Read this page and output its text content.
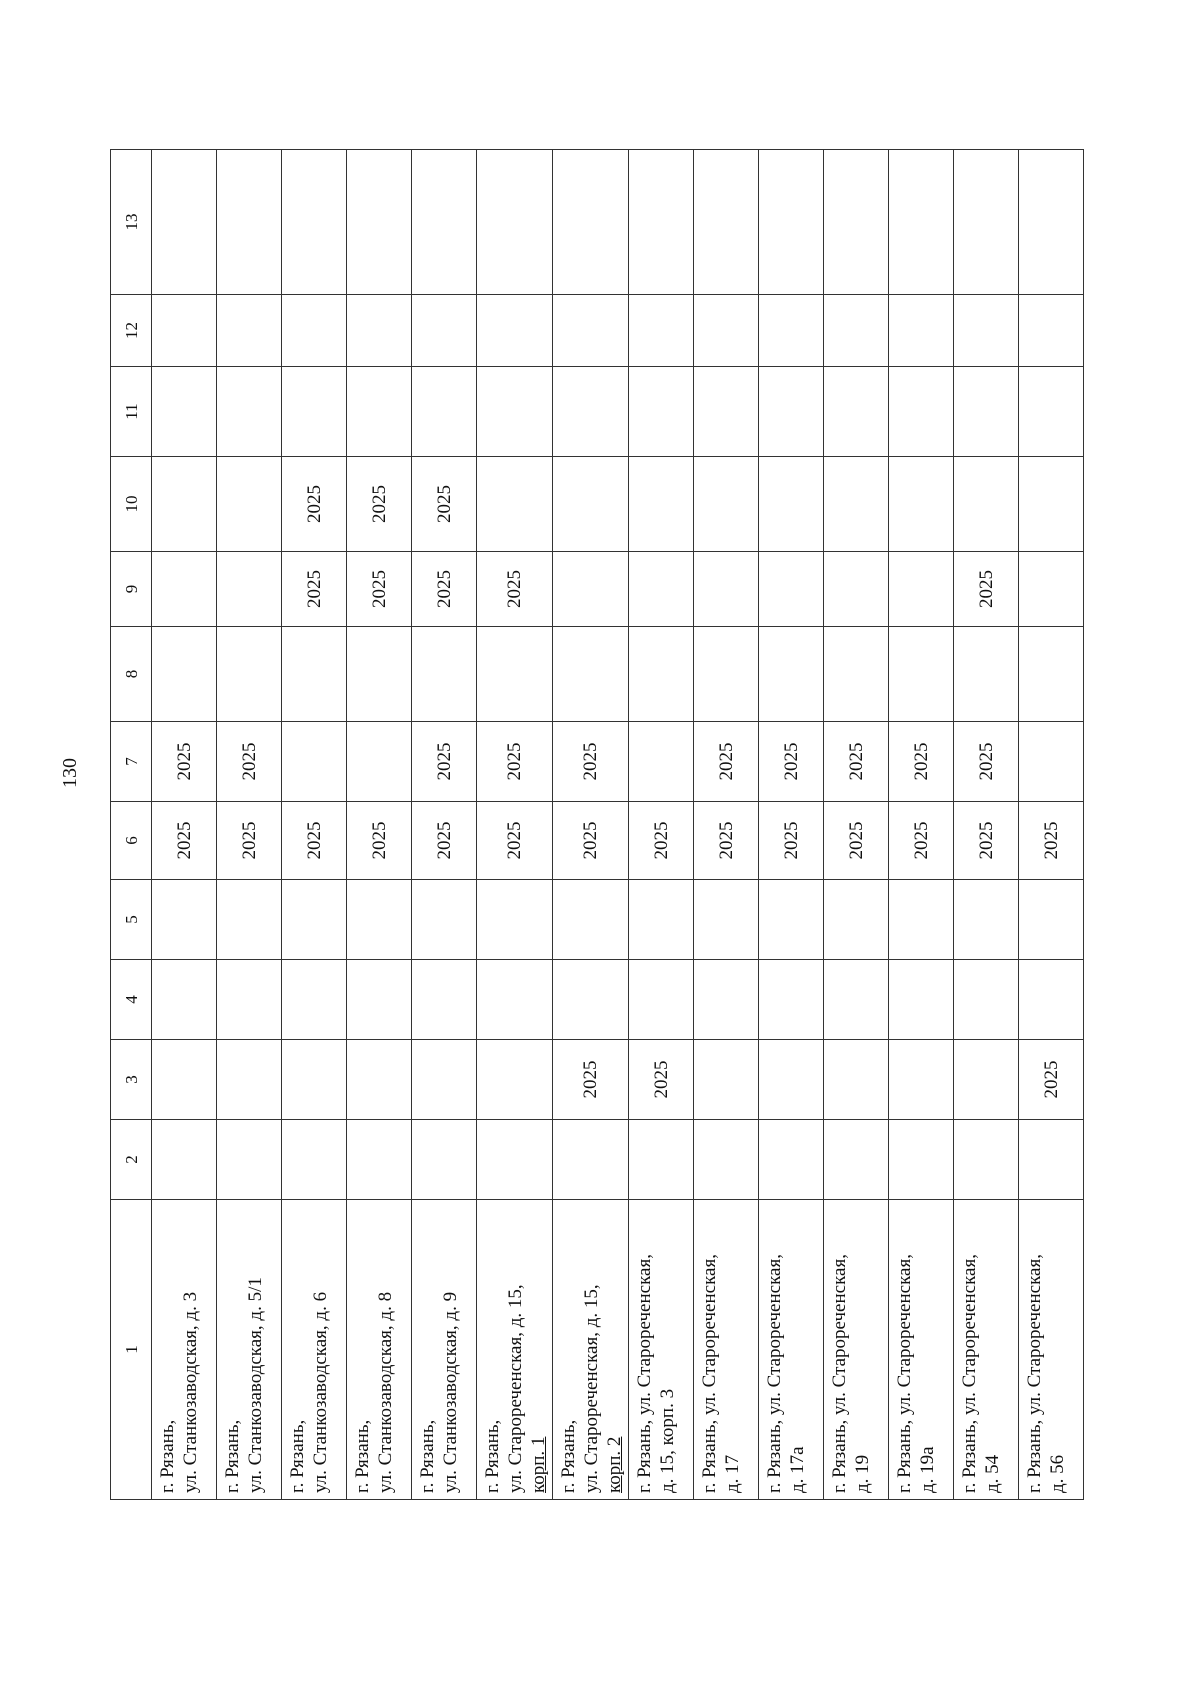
130
1	2	3	4	5	6	7	8	9	10	11	12	13

г. Рязань, ул. Станкозаводская, д. 3					2025	2025						

г. Рязань, ул. Станкозаводская, д. 5/1					2025	2025						

г. Рязань, ул. Станкозаводская, д. 6					2025			2025	2025			

г. Рязань, ул. Станкозаводская, д. 8					2025			2025	2025			

г. Рязань, ул. Станкозаводская, д. 9					2025	2025		2025	2025			

г. Рязань, ул. Старореченская, д. 15, корп. 1					2025	2025		2025				

г. Рязань, ул. Старореченская, д. 15, корп. 2		2025			2025	2025						

г. Рязань, ул. Старореченская, д. 15, корп. 3		2025			2025							

г. Рязань, ул. Старореченская, д. 17					2025	2025						

г. Рязань, ул. Старореченская, д. 17а					2025	2025						

г. Рязань, ул. Старореченская, д. 19					2025	2025						

г. Рязань, ул. Старореченская, д. 19а					2025	2025						

г. Рязань, ул. Старореченская, д. 54					2025	2025		2025				

г. Рязань, ул. Старореченская, д. 56		2025			2025							
